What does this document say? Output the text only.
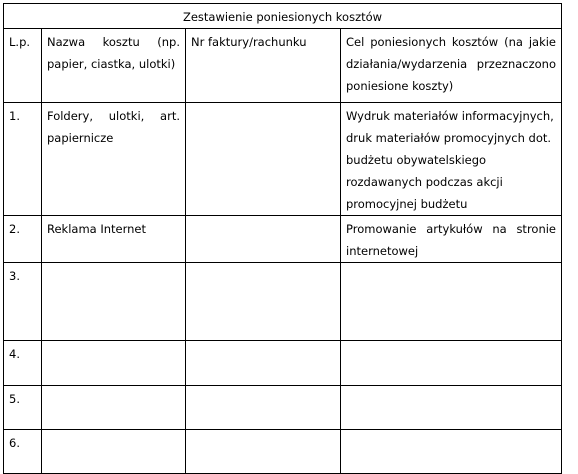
Zestawienie poniesionych kosztów			
L.p.	Nazwa kosztu (np. papier, ciastka, ulotki)	Nr faktury/rachunku	Cel poniesionych kosztów (na jakie działania/wydarzenia przeznaczono poniesione koszty)
1.	Foldery, ulotki, art. papiernicze		Wydruk materiałów informacyjnych, druk materiałów promocyjnych dot. budżetu obywatelskiego rozdawanych podczas akcji promocyjnej budżetu
2.	Reklama Internet		Promowanie artykułów na stronie internetowej
3.			
4.			
5.			
6.			
